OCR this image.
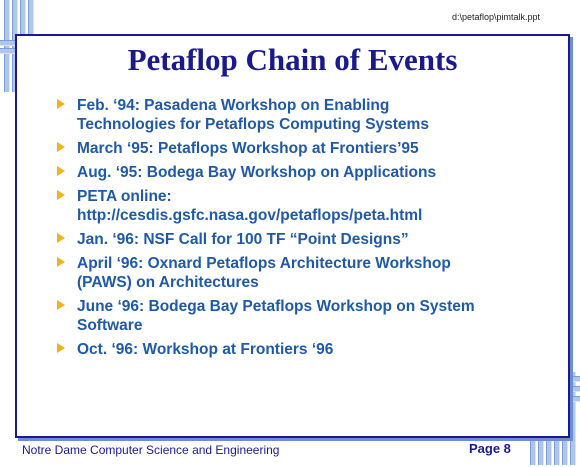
d:\petaflop\pimtalk.ppt
Petaflop Chain of Events
Feb. ‘94: Pasadena Workshop on Enabling
Technologies for Petaflops Computing Systems
March ‘95: Petaflops Workshop at Frontiers’95
Aug. ‘95: Bodega Bay Workshop on Applications
PETA online:
http://cesdis.gsfc.nasa.gov/petaflops/peta.html
Jan. ‘96: NSF Call for 100 TF “Point Designs”
April ‘96: Oxnard Petaflops Architecture Workshop
(PAWS) on Architectures
June ‘96: Bodega Bay Petaflops Workshop on System
Software
Oct. ‘96: Workshop at Frontiers ‘96
Notre Dame Computer Science and Engineering	Page 8
